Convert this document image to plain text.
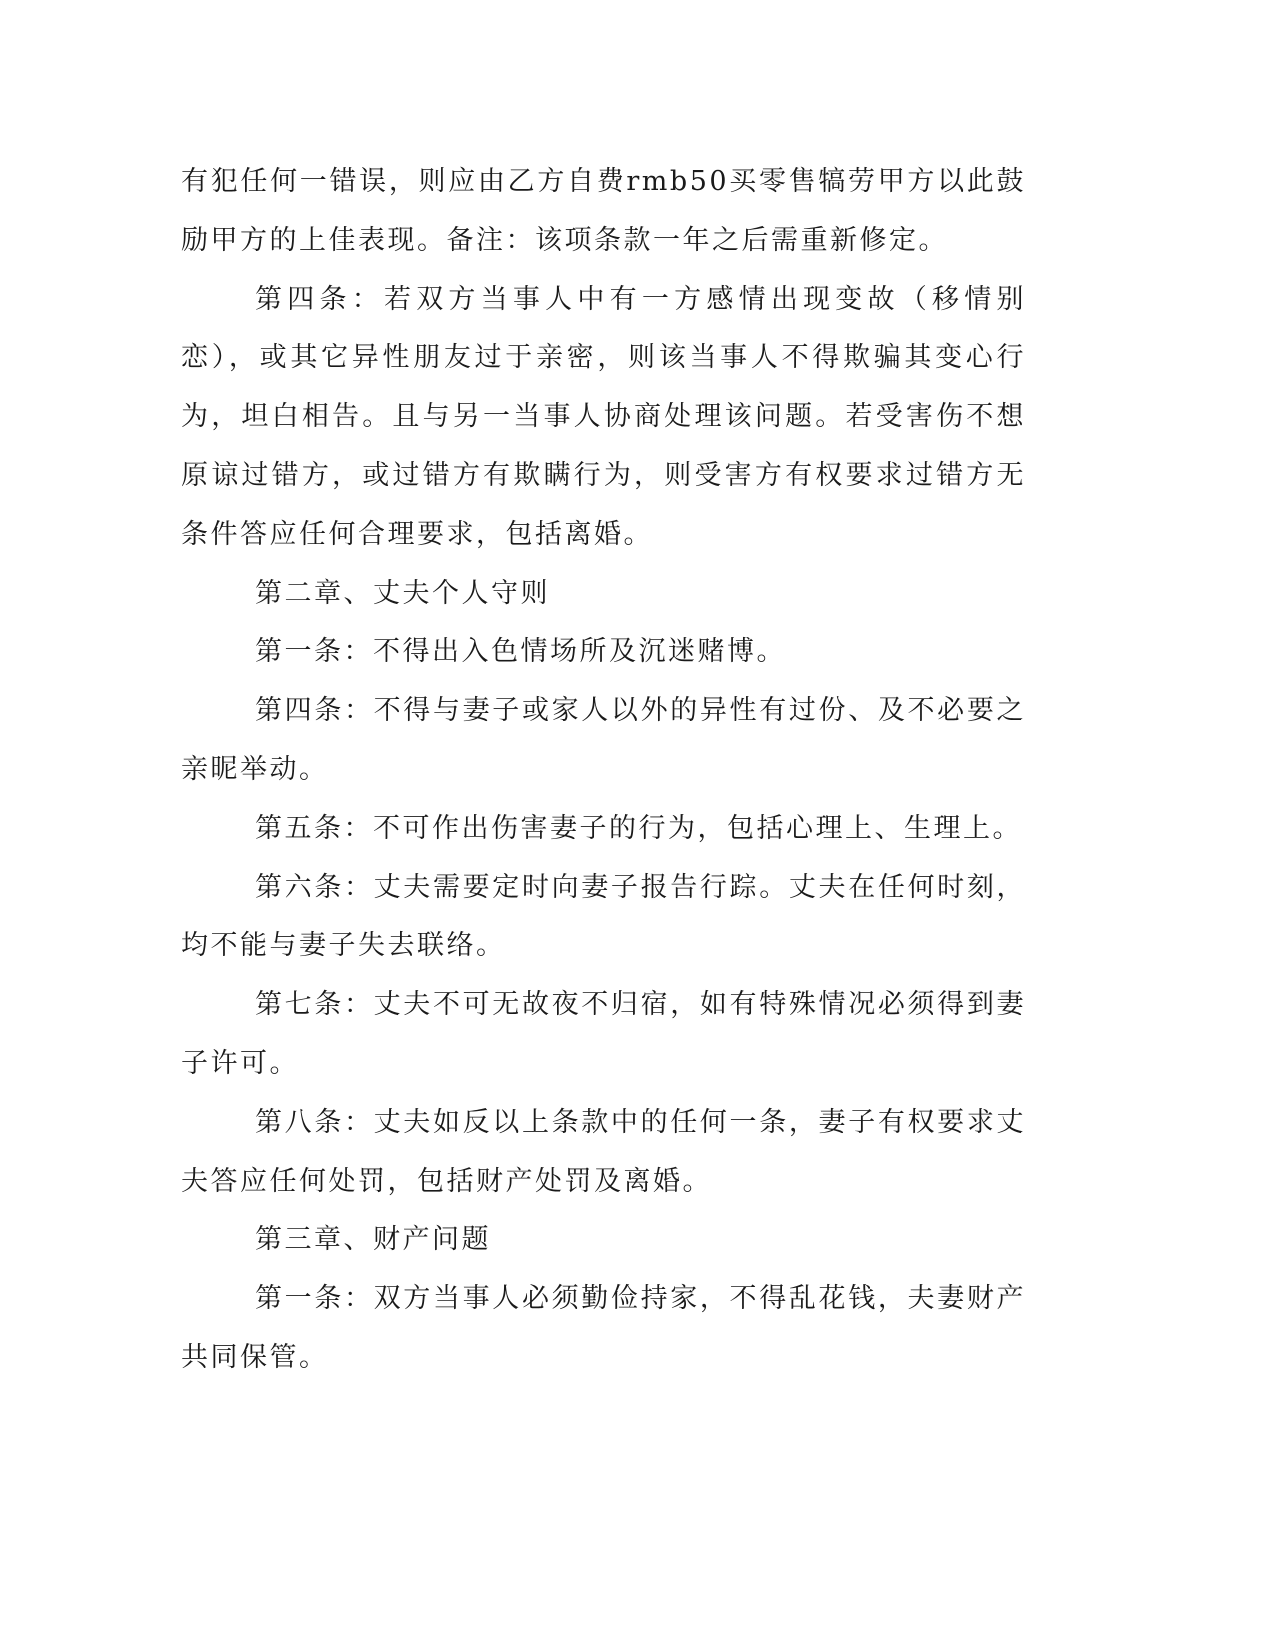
有犯任何一错误，则应由乙方自费rmb50买零售犒劳甲方以此鼓励甲方的上佳表现。备注：该项条款一年之后需重新修定。

第四条：若双方当事人中有一方感情出现变故（移情别恋），或其它异性朋友过于亲密，则该当事人不得欺骗其变心行为，坦白相告。且与另一当事人协商处理该问题。若受害伤不想原谅过错方，或过错方有欺瞒行为，则受害方有权要求过错方无条件答应任何合理要求，包括离婚。

第二章、丈夫个人守则

第一条：不得出入色情场所及沉迷赌博。

第四条：不得与妻子或家人以外的异性有过份、及不必要之亲昵举动。

第五条：不可作出伤害妻子的行为，包括心理上、生理上。

第六条：丈夫需要定时向妻子报告行踪。丈夫在任何时刻，均不能与妻子失去联络。

第七条：丈夫不可无故夜不归宿，如有特殊情况必须得到妻子许可。

第八条：丈夫如反以上条款中的任何一条，妻子有权要求丈夫答应任何处罚，包括财产处罚及离婚。

第三章、财产问题

第一条：双方当事人必须勤俭持家，不得乱花钱，夫妻财产共同保管。
